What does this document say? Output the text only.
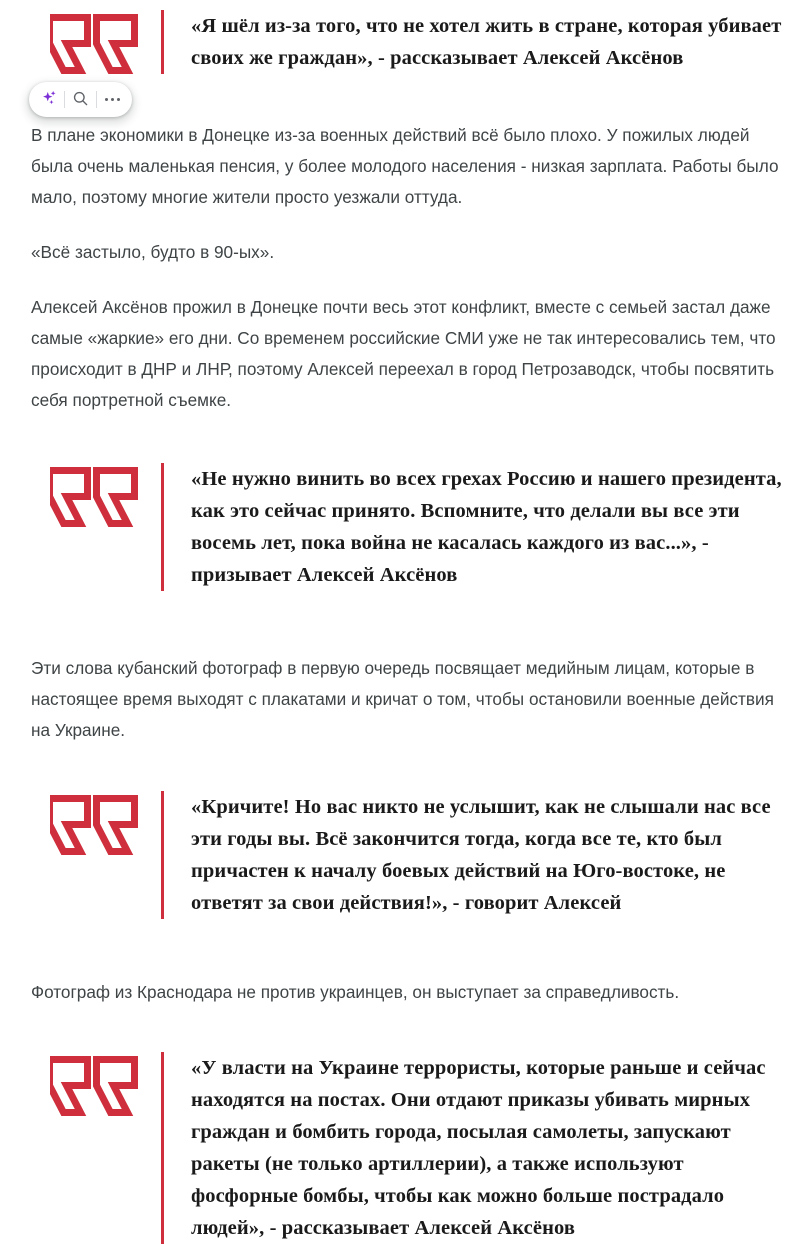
«Я шёл из-за того, что не хотел жить в стране, которая убивает своих же граждан», - рассказывает Алексей Аксёнов

В плане экономики в Донецке из-за военных действий всё было плохо. У пожилых людей была очень маленькая пенсия, у более молодого населения - низкая зарплата. Работы было мало, поэтому многие жители просто уезжали оттуда.

«Всё застыло, будто в 90-ых».

Алексей Аксёнов прожил в Донецке почти весь этот конфликт, вместе с семьей застал даже самые «жаркие» его дни. Со временем российские СМИ уже не так интересовались тем, что происходит в ДНР и ЛНР, поэтому Алексей переехал в город Петрозаводск, чтобы посвятить себя портретной съемке.

«Не нужно винить во всех грехах Россию и нашего президента, как это сейчас принято. Вспомните, что делали вы все эти восемь лет, пока война не касалась каждого из вас...», - призывает Алексей Аксёнов

Эти слова кубанский фотограф в первую очередь посвящает медийным лицам, которые в настоящее время выходят с плакатами и кричат о том, чтобы остановили военные действия на Украине.

«Кричите! Но вас никто не услышит, как не слышали нас все эти годы вы. Всё закончится тогда, когда все те, кто был причастен к началу боевых действий на Юго-востоке, не ответят за свои действия!», - говорит Алексей

Фотограф из Краснодара не против украинцев, он выступает за справедливость.

«У власти на Украине террористы, которые раньше и сейчас находятся на постах. Они отдают приказы убивать мирных граждан и бомбить города, посылая самолеты, запускают ракеты (не только артиллерии), а также используют фосфорные бомбы, чтобы как можно больше пострадало людей», - рассказывает Алексей Аксёнов
